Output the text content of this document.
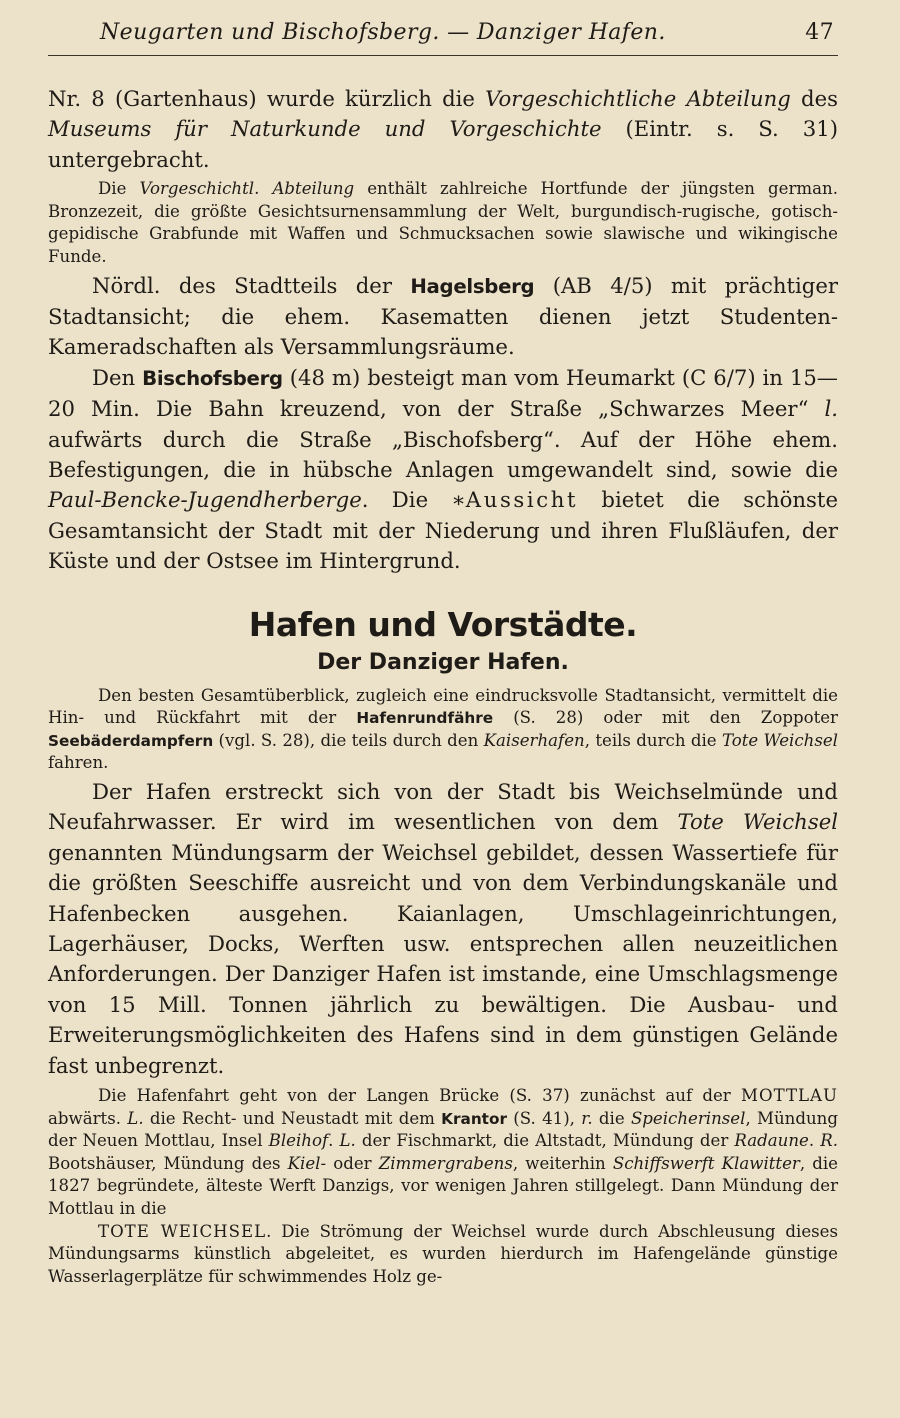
Neugarten und Bischofsberg. — Danziger Hafen.	47

Nr. 8 (Gartenhaus) wurde kürzlich die Vorgeschichtliche Abteilung des Museums für Naturkunde und Vorgeschichte (Eintr. s. S. 31) untergebracht.

Die Vorgeschichtl. Abteilung enthält zahlreiche Hortfunde der jüngsten german. Bronzezeit, die größte Gesichtsurnensammlung der Welt, burgundisch-rugische, gotisch-gepidische Grabfunde mit Waffen und Schmucksachen sowie slawische und wikingische Funde.

Nördl. des Stadtteils der Hagelsberg (AB 4/5) mit prächtiger Stadtansicht; die ehem. Kasematten dienen jetzt Studenten-Kameradschaften als Versammlungsräume.

Den Bischofsberg (48 m) besteigt man vom Heumarkt (C 6/7) in 15—20 Min. Die Bahn kreuzend, von der Straße „Schwarzes Meer“ l. aufwärts durch die Straße „Bischofsberg“. Auf der Höhe ehem. Befestigungen, die in hübsche Anlagen umgewandelt sind, sowie die Paul-Bencke-Jugendherberge. Die ∗Aussicht bietet die schönste Gesamtansicht der Stadt mit der Niederung und ihren Flußläufen, der Küste und der Ostsee im Hintergrund.

Hafen und Vorstädte.
Der Danziger Hafen.

Den besten Gesamtüberblick, zugleich eine eindrucksvolle Stadtansicht, vermittelt die Hin- und Rückfahrt mit der Hafenrundfähre (S. 28) oder mit den Zoppoter Seebäderdampfern (vgl. S. 28), die teils durch den Kaiserhafen, teils durch die Tote Weichsel fahren.

Der Hafen erstreckt sich von der Stadt bis Weichselmünde und Neufahrwasser. Er wird im wesentlichen von dem Tote Weichsel genannten Mündungsarm der Weichsel gebildet, dessen Wassertiefe für die größten Seeschiffe ausreicht und von dem Verbindungskanäle und Hafenbecken ausgehen. Kaianlagen, Umschlageinrichtungen, Lagerhäuser, Docks, Werften usw. entsprechen allen neuzeitlichen Anforderungen. Der Danziger Hafen ist imstande, eine Umschlagsmenge von 15 Mill. Tonnen jährlich zu bewältigen. Die Ausbau- und Erweiterungsmöglichkeiten des Hafens sind in dem günstigen Gelände fast unbegrenzt.

Die Hafenfahrt geht von der Langen Brücke (S. 37) zunächst auf der MOTTLAU abwärts. L. die Recht- und Neustadt mit dem Krantor (S. 41), r. die Speicherinsel, Mündung der Neuen Mottlau, Insel Bleihof. L. der Fischmarkt, die Altstadt, Mündung der Radaune. R. Bootshäuser, Mündung des Kiel- oder Zimmergrabens, weiterhin Schiffswerft Klawitter, die 1827 begründete, älteste Werft Danzigs, vor wenigen Jahren stillgelegt. Dann Mündung der Mottlau in die

TOTE WEICHSEL. Die Strömung der Weichsel wurde durch Abschleusung dieses Mündungsarms künstlich abgeleitet, es wurden hierdurch im Hafengelände günstige Wasserlagerplätze für schwimmendes Holz ge-
